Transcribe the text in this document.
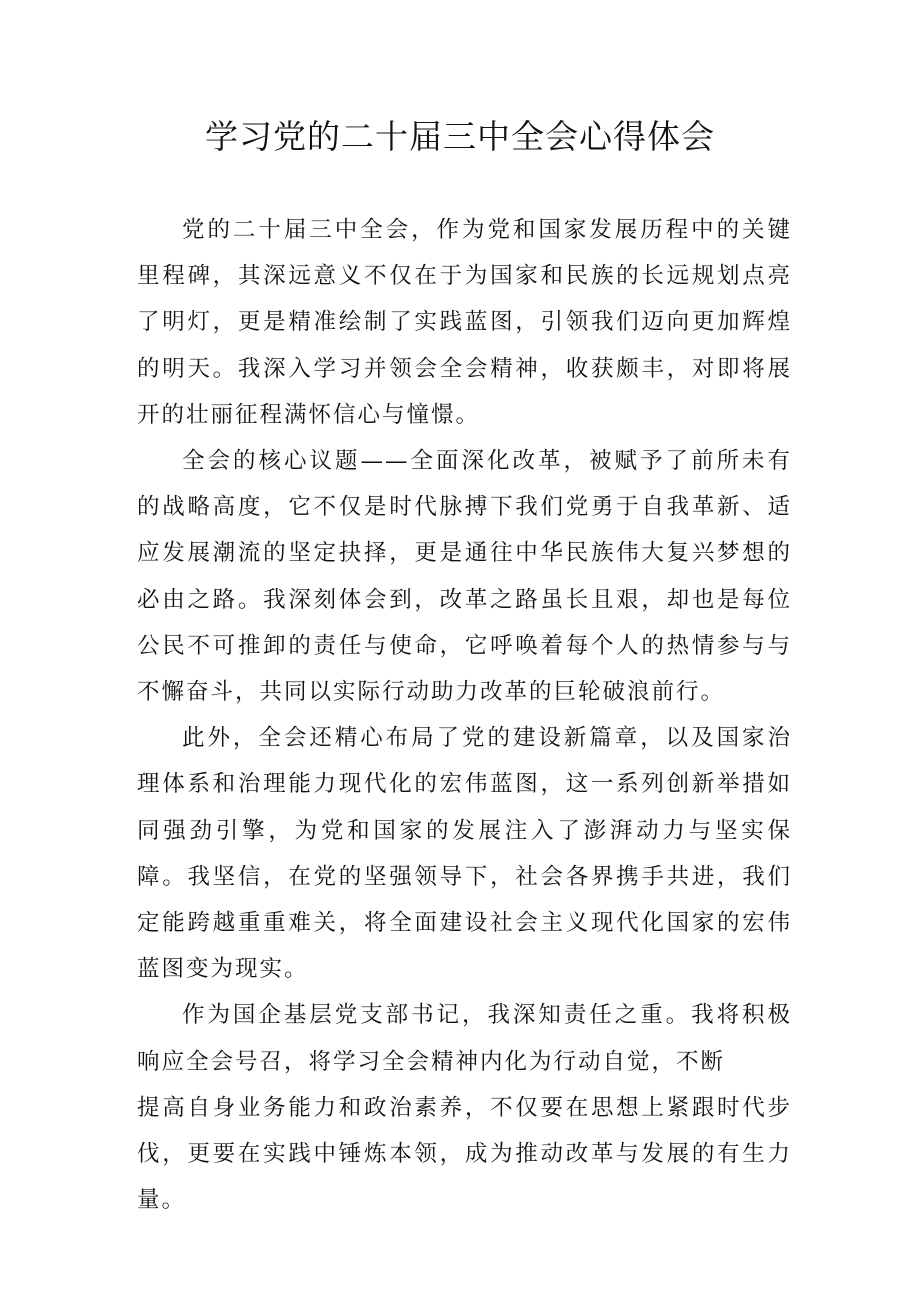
学习党的二十届三中全会心得体会

党的二十届三中全会，作为党和国家发展历程中的关键里程碑，其深远意义不仅在于为国家和民族的长远规划点亮了明灯，更是精准绘制了实践蓝图，引领我们迈向更加辉煌的明天。我深入学习并领会全会精神，收获颇丰，对即将展开的壮丽征程满怀信心与憧憬。

全会的核心议题——全面深化改革，被赋予了前所未有的战略高度，它不仅是时代脉搏下我们党勇于自我革新、适应发展潮流的坚定抉择，更是通往中华民族伟大复兴梦想的必由之路。我深刻体会到，改革之路虽长且艰，却也是每位公民不可推卸的责任与使命，它呼唤着每个人的热情参与与不懈奋斗，共同以实际行动助力改革的巨轮破浪前行。

此外，全会还精心布局了党的建设新篇章，以及国家治理体系和治理能力现代化的宏伟蓝图，这一系列创新举措如同强劲引擎，为党和国家的发展注入了澎湃动力与坚实保障。我坚信，在党的坚强领导下，社会各界携手共进，我们定能跨越重重难关，将全面建设社会主义现代化国家的宏伟蓝图变为现实。

作为国企基层党支部书记，我深知责任之重。我将积极响应全会号召，将学习全会精神内化为行动自觉，不断

提高自身业务能力和政治素养，不仅要在思想上紧跟时代步伐，更要在实践中锤炼本领，成为推动改革与发展的有生力量。
